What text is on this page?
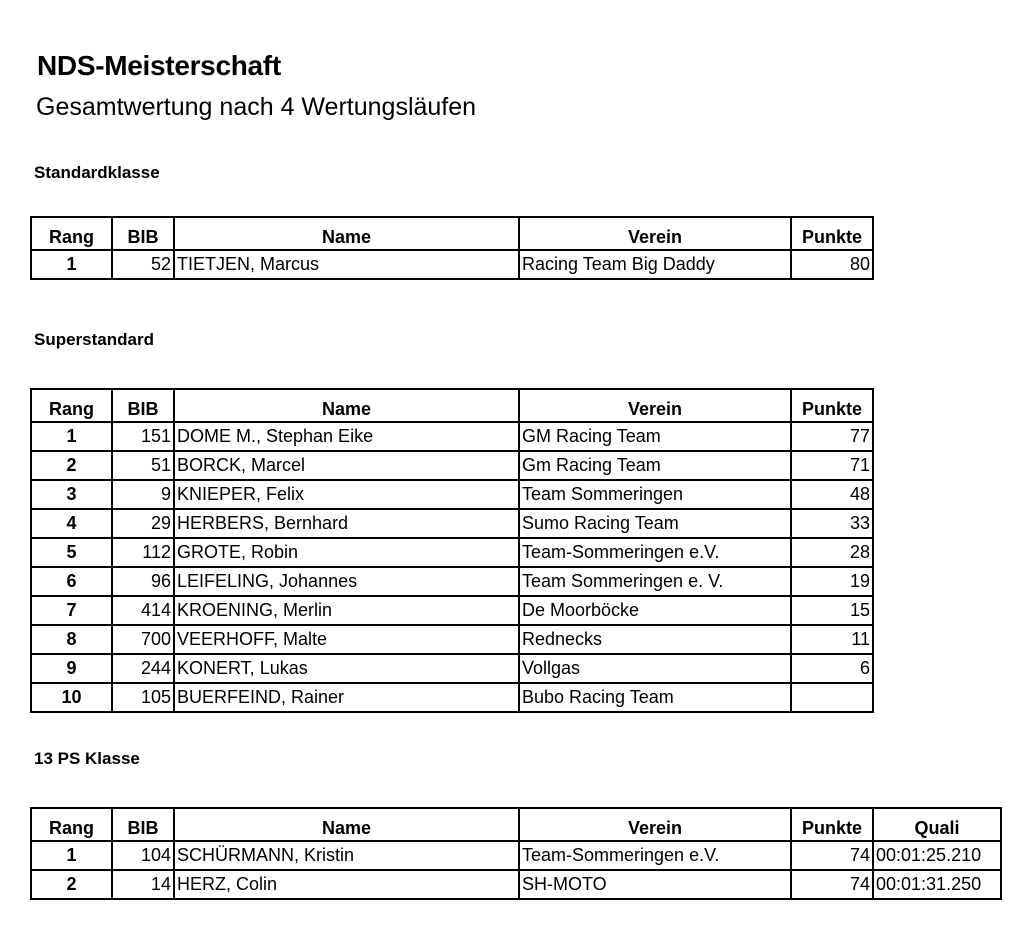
NDS-Meisterschaft
Gesamtwertung nach 4 Wertungsläufen
Standardklasse
Rang	BIB	Name	Verein	Punkte
1	52	TIETJEN, Marcus	Racing Team Big Daddy	80
Superstandard
Rang	BIB	Name	Verein	Punkte
1	151	DOME M., Stephan Eike	GM Racing Team	77
2	51	BORCK, Marcel	Gm Racing Team	71
3	9	KNIEPER, Felix	Team Sommeringen	48
4	29	HERBERS, Bernhard	Sumo Racing Team	33
5	112	GROTE, Robin	Team-Sommeringen e.V.	28
6	96	LEIFELING, Johannes	Team Sommeringen e. V.	19
7	414	KROENING, Merlin	De Moorböcke	15
8	700	VEERHOFF, Malte	Rednecks	11
9	244	KONERT, Lukas	Vollgas	6
10	105	BUERFEIND, Rainer	Bubo Racing Team	
13 PS Klasse
Rang	BIB	Name	Verein	Punkte	Quali
1	104	SCHÜRMANN, Kristin	Team-Sommeringen e.V.	74	00:01:25.210
2	14	HERZ, Colin	SH-MOTO	74	00:01:31.250
